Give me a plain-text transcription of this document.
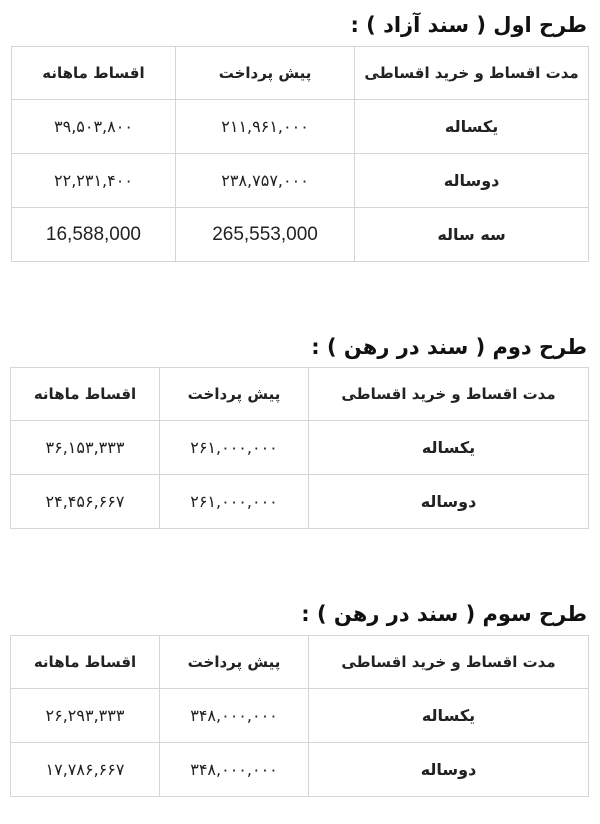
طرح اول ( سند آزاد ) :
مدت اقساط و خرید اقساطی	پیش پرداخت	اقساط ماهانه
یکساله	۲۱۱,۹۶۱,۰۰۰	۳۹,۵۰۳,۸۰۰
دوساله	۲۳۸,۷۵۷,۰۰۰	۲۲,۲۳۱,۴۰۰
سه ساله	265,553,000	16,588,000
طرح دوم ( سند در رهن ) :
مدت اقساط و خرید اقساطی	پیش پرداخت	اقساط ماهانه
یکساله	۲۶۱,۰۰۰,۰۰۰	۳۶,۱۵۳,۳۳۳
دوساله	۲۶۱,۰۰۰,۰۰۰	۲۴,۴۵۶,۶۶۷
طرح سوم ( سند در رهن ) :
مدت اقساط و خرید اقساطی	پیش پرداخت	اقساط ماهانه
یکساله	۳۴۸,۰۰۰,۰۰۰	۲۶,۲۹۳,۳۳۳
دوساله	۳۴۸,۰۰۰,۰۰۰	۱۷,۷۸۶,۶۶۷
